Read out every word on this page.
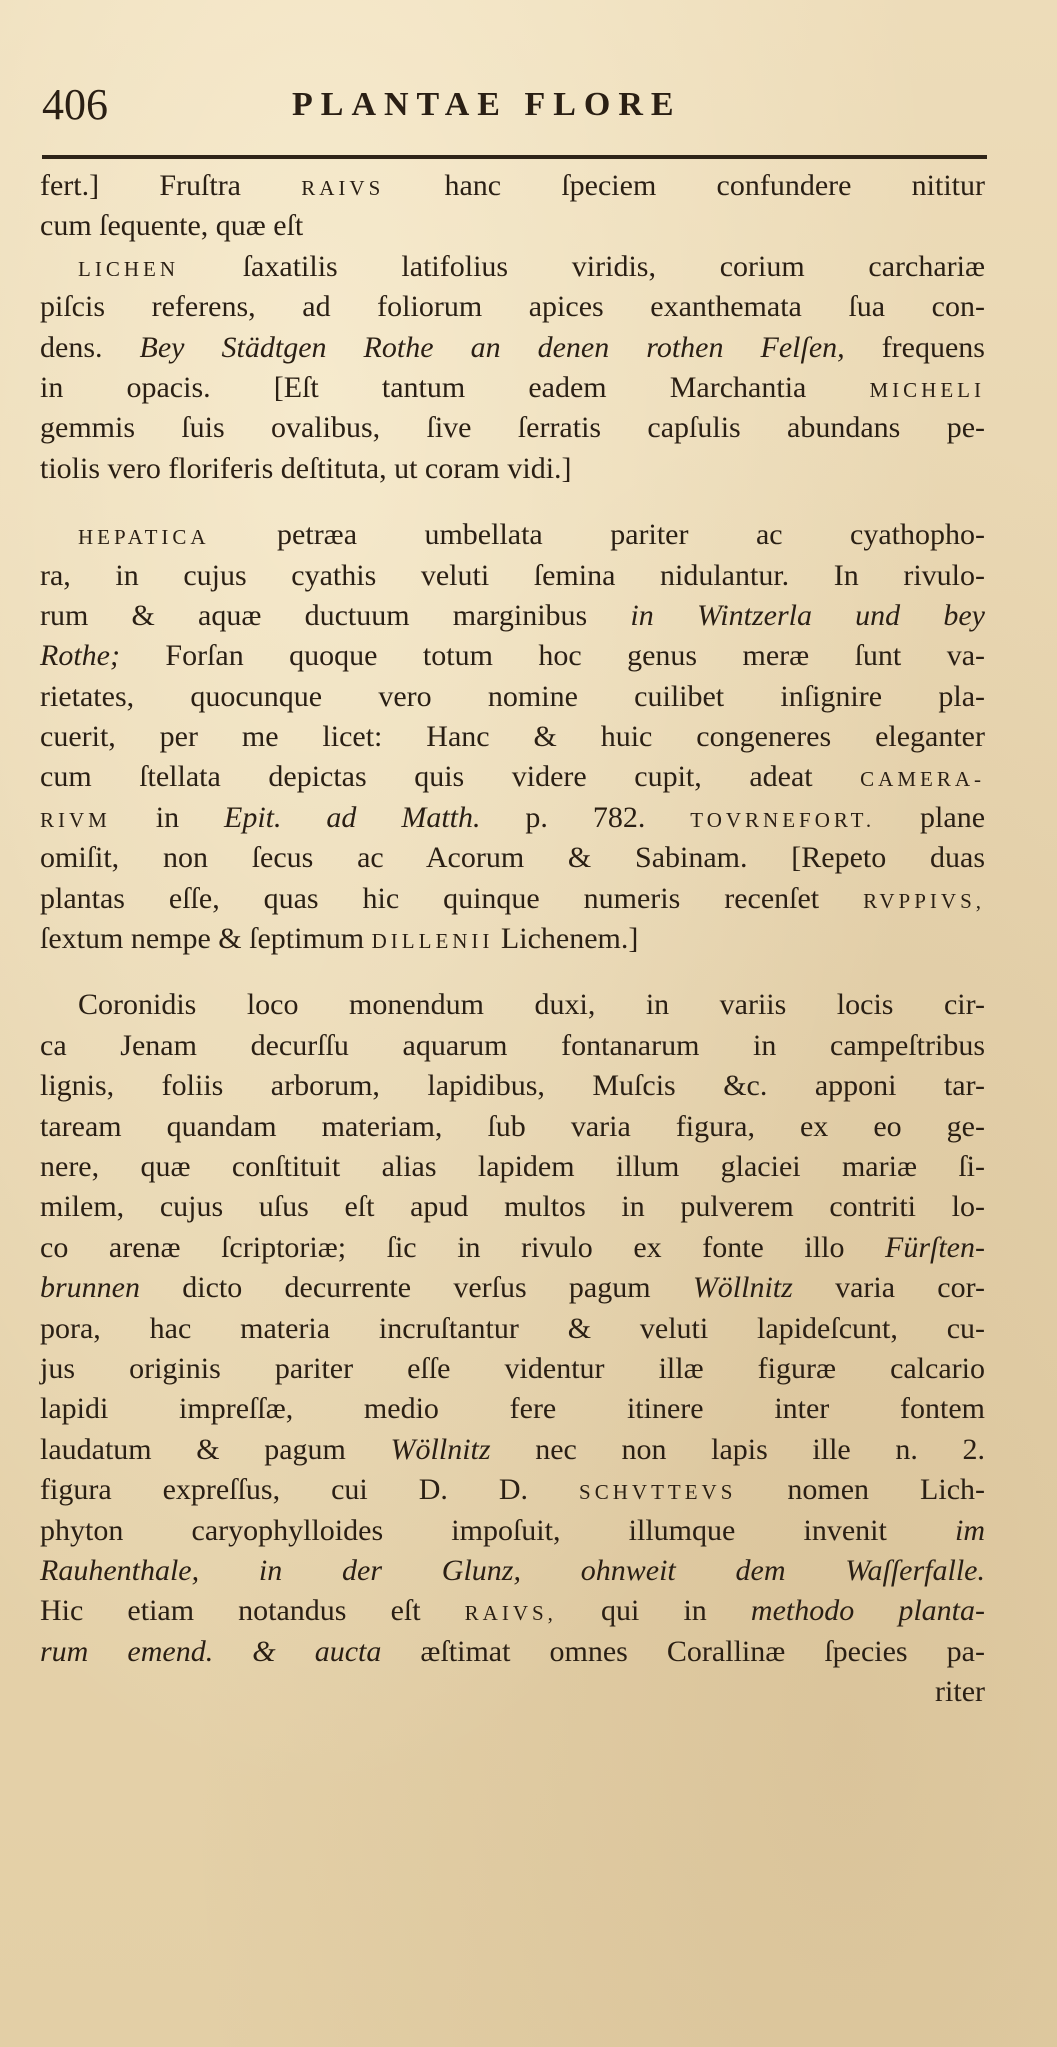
406	PLANTAE FLORE
fert.] Fruſtra RAIVS hanc ſpeciem confundere nititur
cum ſequente, quæ eſt
LICHEN ſaxatilis latifolius viridis, corium carchariæ
piſcis referens, ad foliorum apices exanthemata ſua con-
dens. Bey Städtgen Rothe an denen rothen Felſen, frequens
in opacis. [Eſt tantum eadem Marchantia MICHELI
gemmis ſuis ovalibus, ſive ſerratis capſulis abundans pe-
tiolis vero floriferis deſtituta, ut coram vidi.]
HEPATICA petræa umbellata pariter ac cyathopho-
ra, in cujus cyathis veluti ſemina nidulantur. In rivulo-
rum & aquæ ductuum marginibus in Wintzerla und bey
Rothe; Forſan quoque totum hoc genus meræ ſunt va-
rietates, quocunque vero nomine cuilibet inſignire pla-
cuerit, per me licet: Hanc & huic congeneres eleganter
cum ſtellata depictas quis videre cupit, adeat CAMERA-
RIVM in Epit. ad Matth. p. 782. TOVRNEFORT. plane
omiſit, non ſecus ac Acorum & Sabinam. [Repeto duas
plantas eſſe, quas hic quinque numeris recenſet RVPPIVS,
ſextum nempe & ſeptimum DILLENII Lichenem.]
Coronidis loco monendum duxi, in variis locis cir-
ca Jenam decurſſu aquarum fontanarum in campeſtribus
lignis, foliis arborum, lapidibus, Muſcis &c. apponi tar-
taream quandam materiam, ſub varia figura, ex eo ge-
nere, quæ conſtituit alias lapidem illum glaciei mariæ ſi-
milem, cujus uſus eſt apud multos in pulverem contriti lo-
co arenæ ſcriptoriæ; ſic in rivulo ex fonte illo Fürſten-
brunnen dicto decurrente verſus pagum Wöllnitz varia cor-
pora, hac materia incruſtantur & veluti lapideſcunt, cu-
jus originis pariter eſſe videntur illæ figuræ calcario
lapidi impreſſæ, medio fere itinere inter fontem
laudatum & pagum Wöllnitz nec non lapis ille n. 2.
figura expreſſus, cui D. D. SCHVTTEVS nomen Lich-
phyton caryophylloides impoſuit, illumque invenit im
Rauhenthale, in der Glunz, ohnweit dem Waſſerfalle.
Hic etiam notandus eſt RAIVS, qui in methodo planta-
rum emend. & aucta æſtimat omnes Corallinæ ſpecies pa-
riter
